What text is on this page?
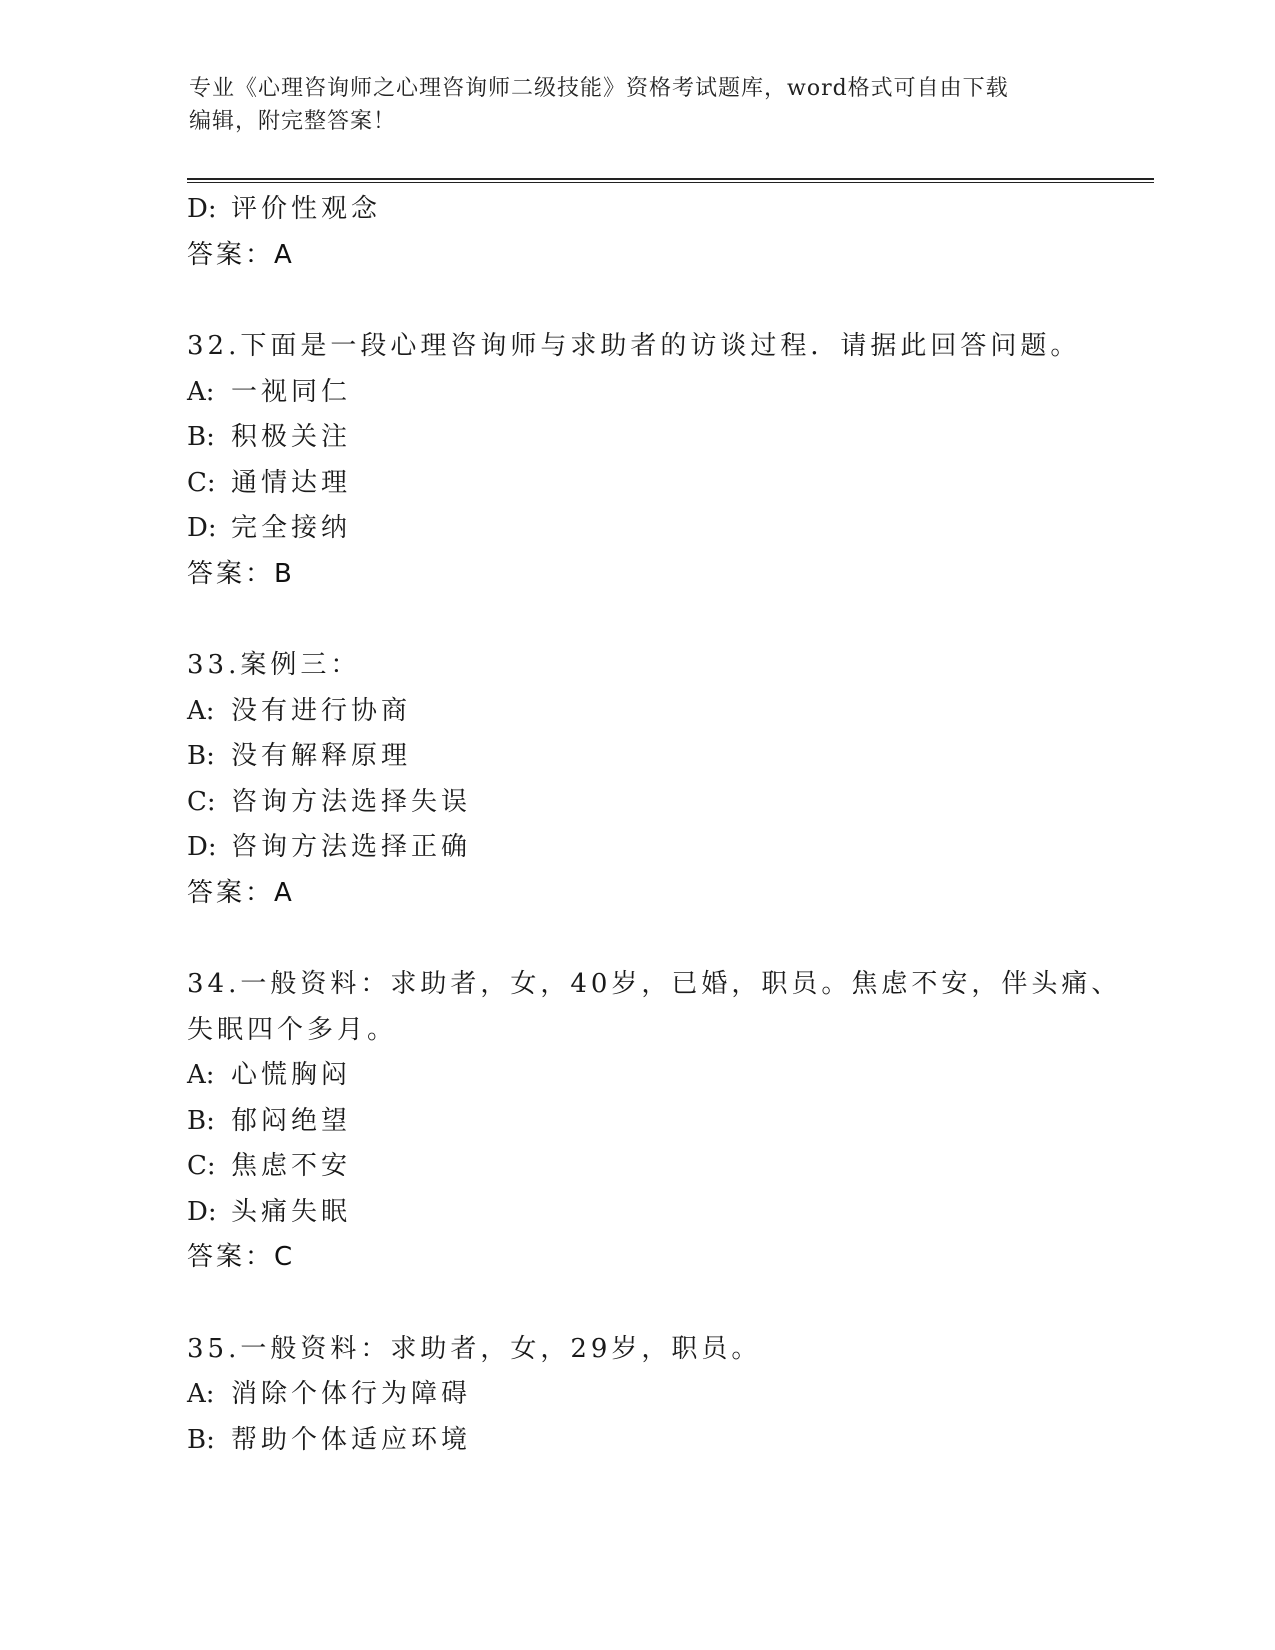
专业《心理咨询师之心理咨询师二级技能》资格考试题库，word格式可自由下载
编辑，附完整答案！
D: 评价性观念
答案：A
32.下面是一段心理咨询师与求助者的访谈过程．请据此回答问题。
A: 一视同仁
B: 积极关注
C: 通情达理
D: 完全接纳
答案：B
33.案例三：
A: 没有进行协商
B: 没有解释原理
C: 咨询方法选择失误
D: 咨询方法选择正确
答案：A
34.一般资料：求助者，女，40岁，已婚，职员。焦虑不安，伴头痛、
失眠四个多月。
A: 心慌胸闷
B: 郁闷绝望
C: 焦虑不安
D: 头痛失眠
答案：C
35.一般资料：求助者，女，29岁，职员。
A: 消除个体行为障碍
B: 帮助个体适应环境
